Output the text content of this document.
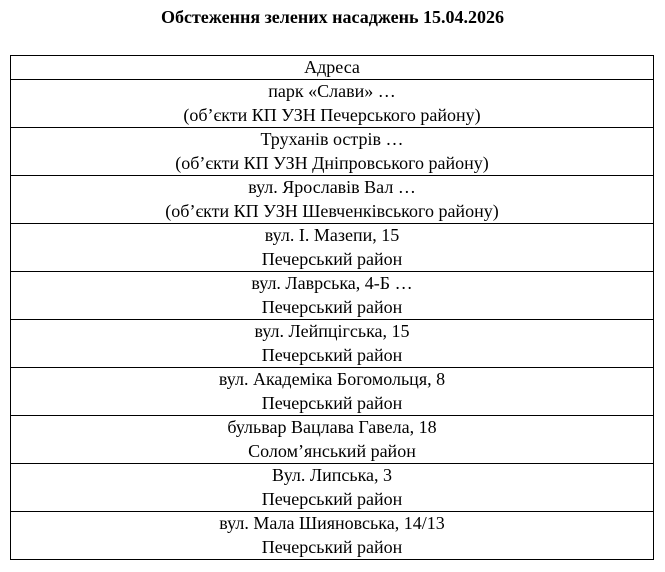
Обстеження зелених насаджень 15.04.2026
Адреса

парк «Слави» …
(об’єкти КП УЗН Печерського району)

Труханів острів …
(об’єкти КП УЗН Дніпровського району)

вул. Ярославів Вал …
(об’єкти КП УЗН Шевченківського району)

вул. І. Мазепи, 15
Печерський район

вул. Лаврська, 4-Б …
Печерський район

вул. Лейпцігська, 15
Печерський район

вул. Академіка Богомольця, 8
Печерський район

бульвар Вацлава Гавела, 18
Солом’янський район

Вул. Липська, 3
Печерський район

вул. Мала Шияновська, 14/13
Печерський район
